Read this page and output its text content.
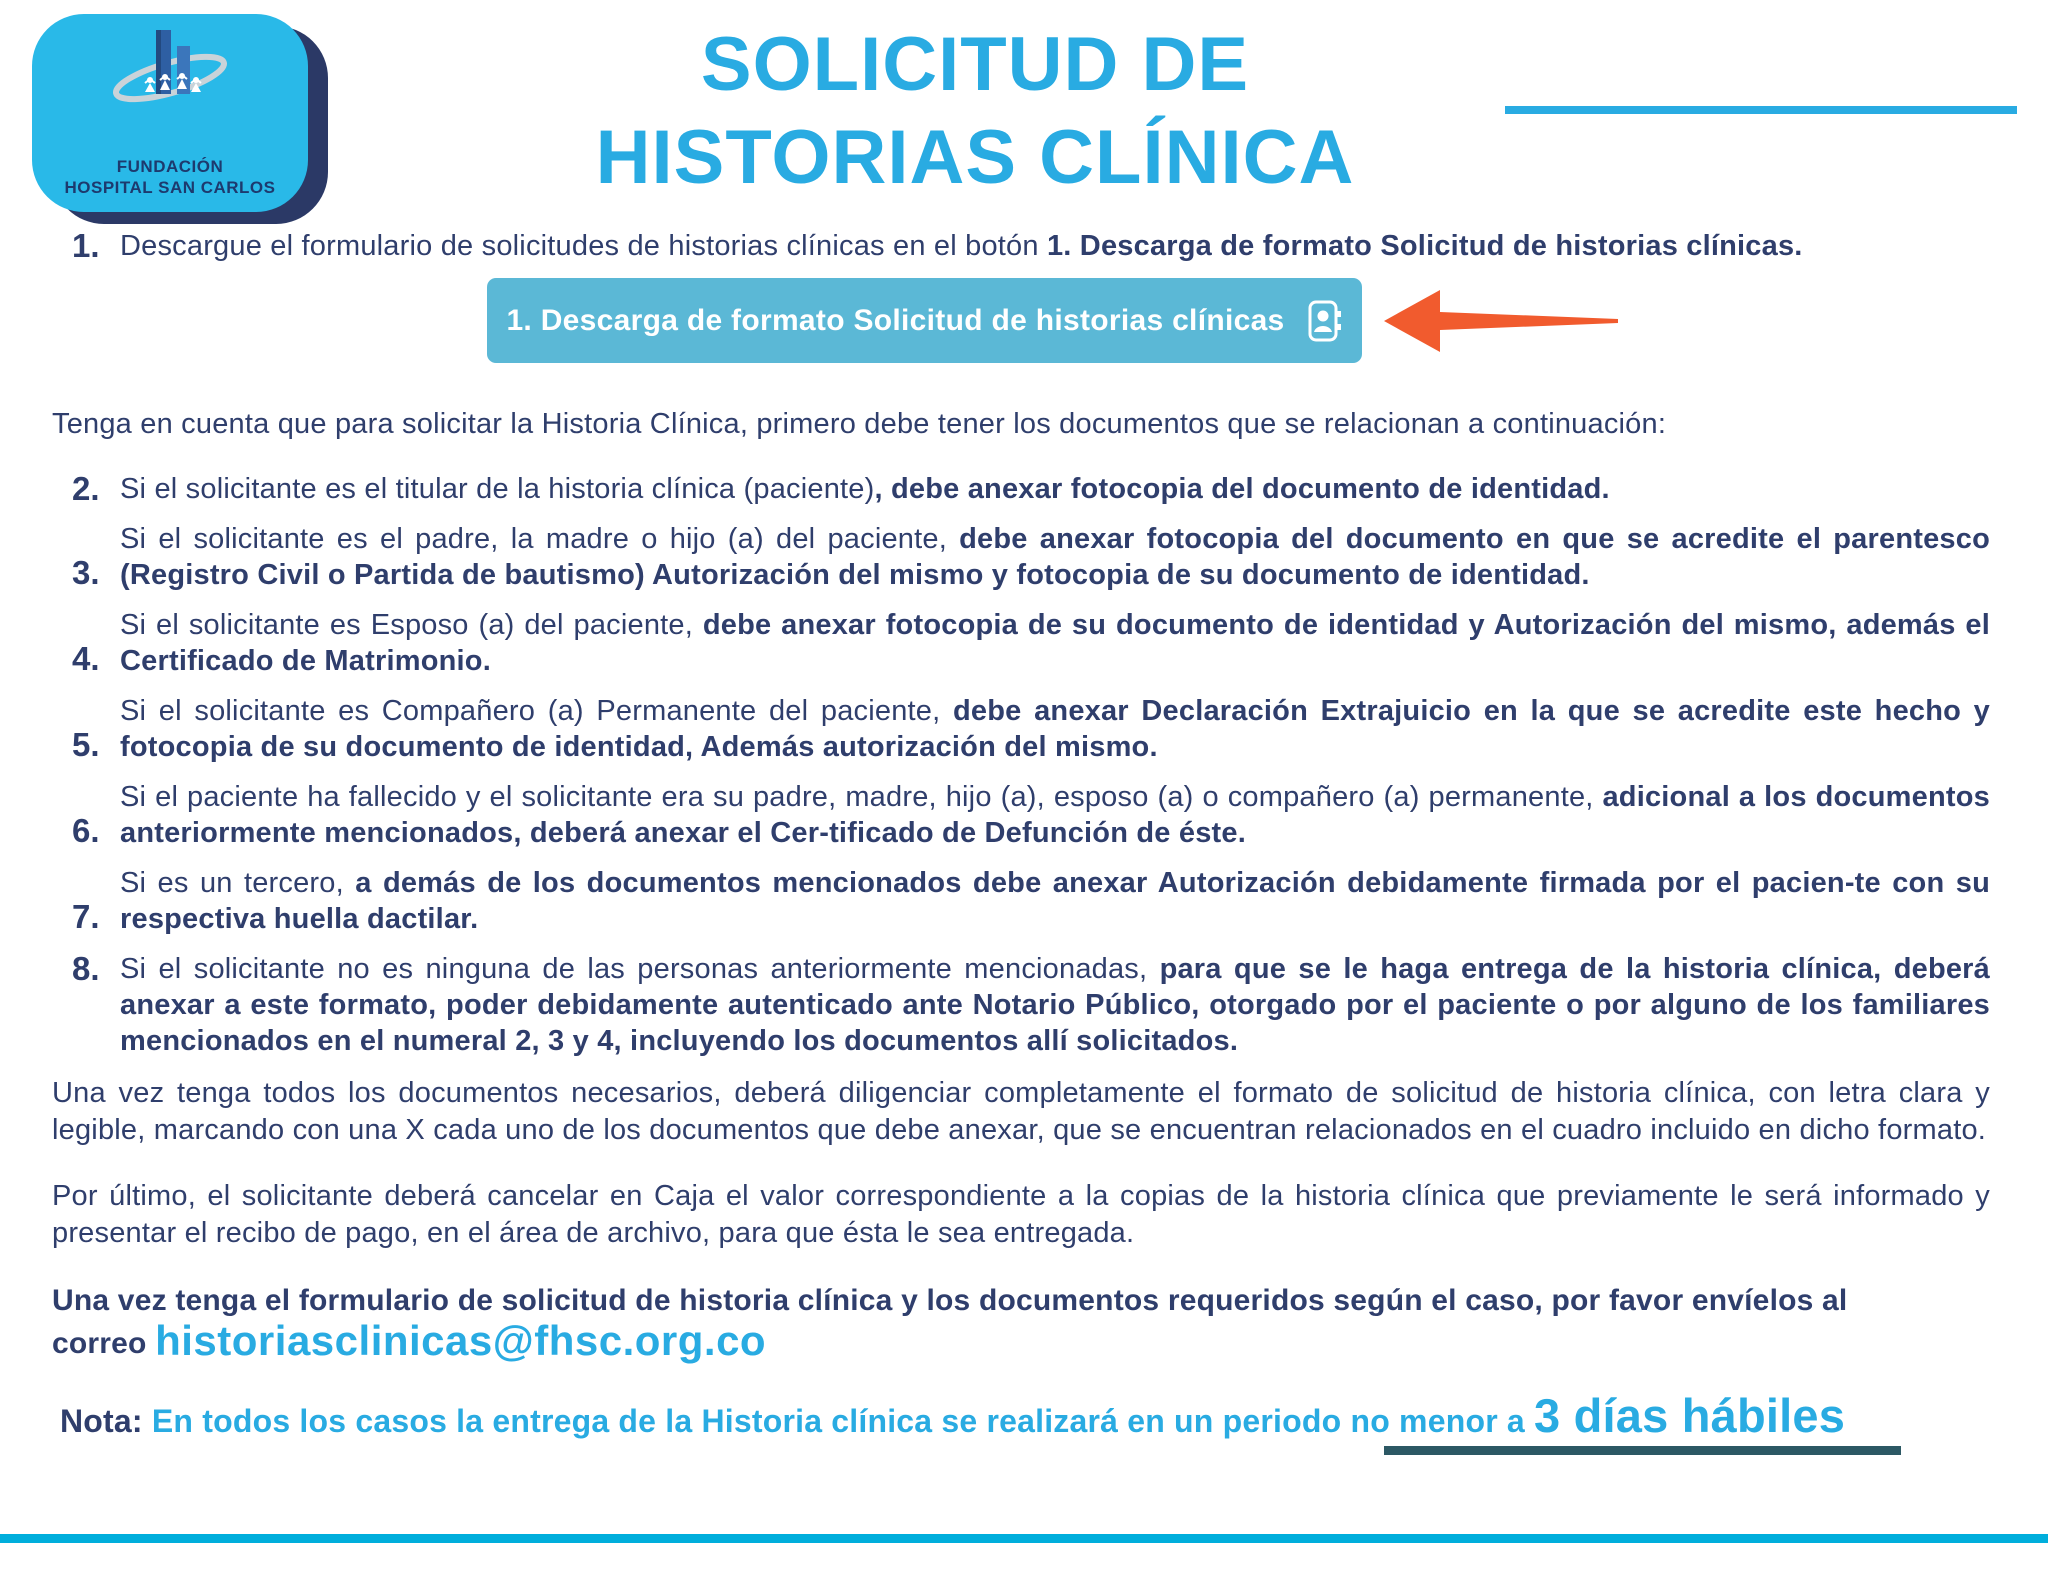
FUNDACIÓN
HOSPITAL SAN CARLOS
SOLICITUD DE
HISTORIAS CLÍNICA
1. Descargue el formulario de solicitudes de historias clínicas en el botón 1. Descarga de formato Solicitud de historias clínicas.
1. Descarga de formato Solicitud de historias clínicas

Tenga en cuenta que para solicitar la Historia Clínica, primero debe tener los documentos que se relacionan a continuación:

2. Si el solicitante es el titular de la historia clínica (paciente), debe anexar fotocopia del documento de identidad.
3.
Si el solicitante es el padre, la madre o hijo (a) del paciente, debe anexar fotocopia del documento en que se acredite el parentesco (Registro Civil o Partida de bautismo) Autorización del mismo y fotocopia de su documento de identidad.
4.
Si el solicitante es Esposo (a) del paciente, debe anexar fotocopia de su documento de identidad y Autorización del mismo, además el Certificado de Matrimonio.
5.
Si el solicitante es Compañero (a) Permanente del paciente, debe anexar Declaración Extrajuicio en la que se acredite este hecho y fotocopia de su documento de identidad, Además autorización del mismo.
6.
Si el paciente ha fallecido y el solicitante era su padre, madre, hijo (a), esposo (a) o compañero (a) permanente, adicional a los documentos anteriormente mencionados, deberá anexar el Cer-tificado de Defunción de éste.
7.
Si es un tercero, a demás de los documentos mencionados debe anexar Autorización debidamente firmada por el pacien-te con su respectiva huella dactilar.
8. Si el solicitante no es ninguna de las personas anteriormente mencionadas, para que se le haga entrega de la historia clínica, deberá anexar a este formato, poder debidamente autenticado ante Notario Público, otorgado por el paciente o por alguno de los familiares mencionados en el numeral 2, 3 y 4, incluyendo los documentos allí solicitados.

Una vez tenga todos los documentos necesarios, deberá diligenciar completamente el formato de solicitud de historia clínica, con letra clara y legible, marcando con una X cada uno de los documentos que debe anexar, que se encuentran relacionados en el cuadro incluido en dicho formato.

Por último, el solicitante deberá cancelar en Caja el valor correspondiente a la copias de la historia clínica que previamente le será informado y presentar el recibo de pago, en el área de archivo, para que ésta le sea entregada.

Una vez tenga el formulario de solicitud de historia clínica y los documentos requeridos según el caso, por favor envíelos al
correo historiasclinicas@fhsc.org.co
Nota: En todos los casos la entrega de la Historia clínica se realizará en un periodo no menor a 3 días hábiles
